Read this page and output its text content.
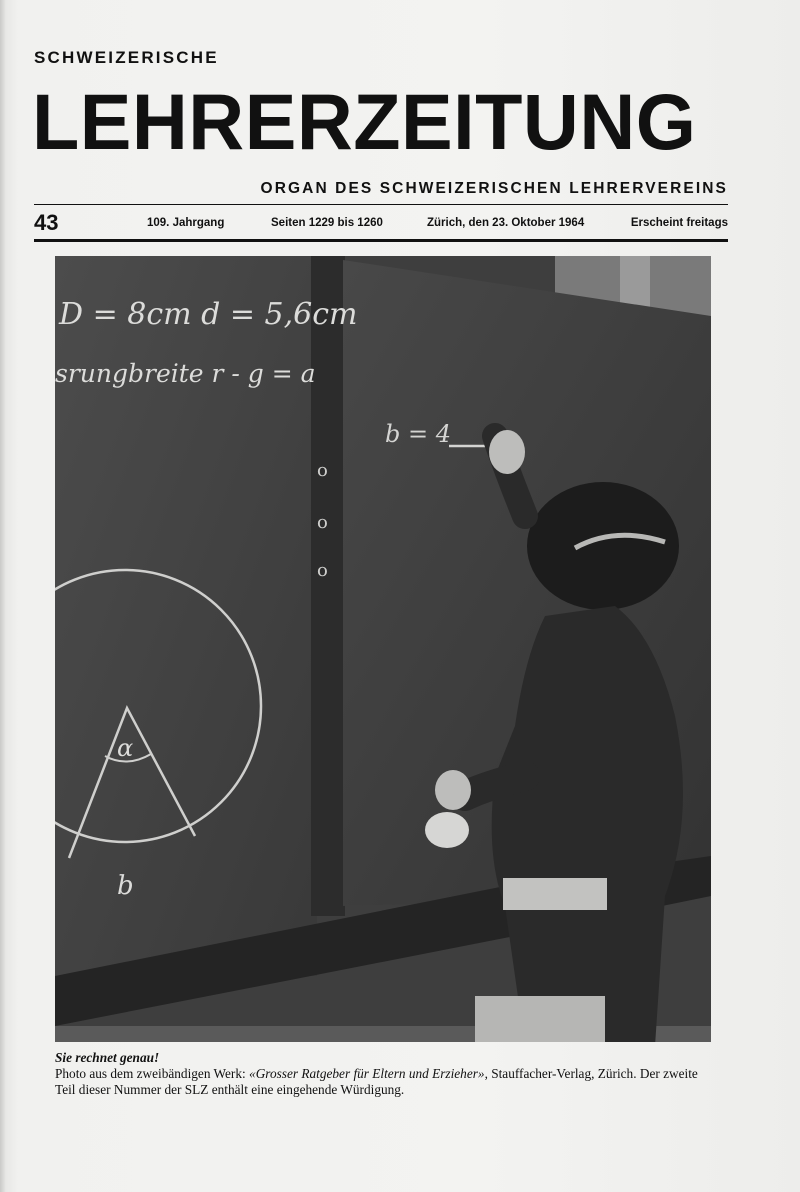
SCHWEIZERISCHE
LEHRERZEITUNG
ORGAN DES SCHWEIZERISCHEN LEHRERVEREINS
43	109. Jahrgang	Seiten 1229 bis 1260	Zürich, den 23. Oktober 1964	Erscheint freitags
D = 8cm d = 5,6cm
srungbreite r - g = a
b = 4
o
o
o
α
b
Sie rechnet genau!
Photo aus dem zweibändigen Werk: «Grosser Ratgeber für Eltern und Erzieher», Stauffacher-Verlag, Zürich. Der zweite Teil dieser Nummer der SLZ enthält eine eingehende Würdigung.
